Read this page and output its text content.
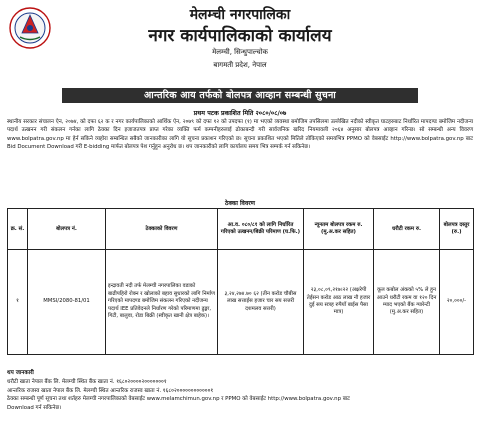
मेलम्ची नगरपालिका
नगर कार्यपालिकाको कार्यालय
मेलम्ची, सिन्धुपाल्चोक
बागमती प्रदेश, नेपाल
आन्तरिक आय तर्फको बोलपत्र आव्हान सम्बन्धी सुचना
प्रथम पटक प्रकाशित मिति २०८०/०८/०७

स्थानीय सरकार संचालन ऐन, २०७४, को दफा ६२ क र नगर कार्यपालिकाको आर्थिक ऐन, २०७९ को दफा १२ को उपदफा (१) मा भएको व्यवस्था बमोजिम तपसिलमा उल्लेखित नदीको स्वीकृत घाटहरुबाट निर्धारित मापदण्ड बमोजिम नदीजन्य पदार्थ उत्खनन गरी संकलन गर्नका लागि ठेक्का दिन इजाजतपत्र प्राप्त गरेका व्यक्ति फर्म कम्पनीहरुलाई ढाेकाबन्दी गरी सार्वजनिक खरिद नियमावली २०६४ अनुसार बोलपत्र आव्हान गरिन्छ। सो सम्बन्धी अन्य विवरण www.bolpatra.gov.np मा हेर्न सकिने व्यहोरा सम्बन्धित सबैको जानकारीका लागि यो सूचना प्रकाशन गरिएको छ। सूचना प्रकाशित भएको मितिले तोकिएको समयभित्र PPMO को वेबसाईट http://www.bolpatra.gov.np बाट Bid Document Download गरी E-bidding मार्फत बोलपत्र पेश गर्नुहुन अनुरोध छ। थप जानकारीको लागि कार्यालय समय भित्र सम्पर्क गर्न सकिनेछ।

ठेक्का विवरण
क्र. सं.	बोलपत्र नं.	ठेक्काको विवरण	आ.व. ०८०/८१ को लागि निर्धारित गरिएको उत्खनन/बिक्री परिमाण (घ.फि.)	न्यूनतम बोलपत्र रकम रु. (मु.अ.कर सहित)	धरौटी रकम रु.	बोलपत्र दस्तुर (रु.)
१	MMSI/2080-81/01	इन्द्रावती नदी तर्फ मेलम्ची नगरपालिका वडाको बाढीपहिरो रोक्न र खोलाको बहाव सुधारको लागि निर्माण गरिएको मापदण्ड बमोजिम संकलन गरिएको नदीजन्य पदार्थ IEE प्रतिवेदनले निर्धारण गरेको परिमाणमा ढुङ्गा, गिटी, बालुवा, रोडा बिक्री (स्वीकृत खानी क्षेत्र बाहेक)।	३,२४,२७४.७० ६२ (तीन करोड चौबीस लाख सत्ताईस हजार चार सय सत्तरी दशमलव सत्तरी)	२३,०८,०९,२१७।२२ (अक्षरेपी तेईसन करोड आठ लाख नौ हजार दुई सय सत्रह रुपैयाँ बाईस पैसा मात्र)	कूल कबोल अंकको ५% ले हुन आउने धरौटी रकम वा १२० दिन म्याद भएको बैंक ग्यारेन्टी (मु.अ.कर सहित)	२०,०००/-
थप जानकारी

धरौटी खाता नेपाल बैंक लि. मेलम्ची स्थित बैंक खाता नं. १६८०२००००२०००००००१

आन्तरिक राजस्व खाता नेपाल बैंक लि. मेलम्ची स्थित आन्तरिक राजस्व खाता नं. १६८०२००००००००००००१

ठेक्का सम्बन्धी पूर्ण सूचना तथा शर्तहरु मेलम्ची नगरपालिकाको वेबसाईट www.melamchimun.gov.np र PPMO को वेबसाईट http://www.bolpatra.gov.np बाट

Download गर्न सकिनेछ।
